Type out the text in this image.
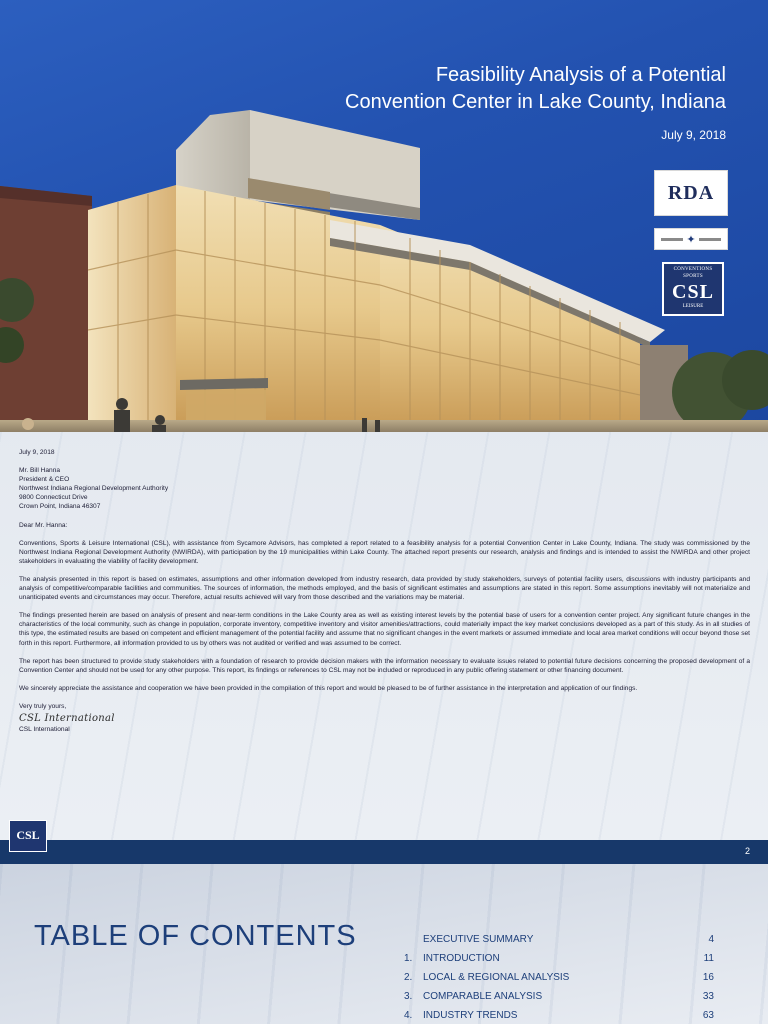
Feasibility Analysis of a Potential
Convention Center in Lake County, Indiana
July 9, 2018
RDA
✦
CONVENTIONS SPORTS
CSL
LEISURE

July 9, 2018

Mr. Bill Hanna
President & CEO
Northwest Indiana Regional Development Authority
9800 Connecticut Drive
Crown Point, Indiana 46307

Dear Mr. Hanna:

Conventions, Sports & Leisure International (CSL), with assistance from Sycamore Advisors, has completed a report related to a feasibility analysis for a potential Convention Center in Lake County, Indiana. The study was commissioned by the Northwest Indiana Regional Development Authority (NWIRDA), with participation by the 19 municipalities within Lake County. The attached report presents our research, analysis and findings and is intended to assist the NWIRDA and other project stakeholders in evaluating the viability of facility development.

The analysis presented in this report is based on estimates, assumptions and other information developed from industry research, data provided by study stakeholders, surveys of potential facility users, discussions with industry participants and analysis of competitive/comparable facilities and communities. The sources of information, the methods employed, and the basis of significant estimates and assumptions are stated in this report. Some assumptions inevitably will not materialize and unanticipated events and circumstances may occur. Therefore, actual results achieved will vary from those described and the variations may be material.

The findings presented herein are based on analysis of present and near-term conditions in the Lake County area as well as existing interest levels by the potential base of users for a convention center project. Any significant future changes in the characteristics of the local community, such as change in population, corporate inventory, competitive inventory and visitor amenities/attractions, could materially impact the key market conclusions developed as a part of this study. As in all studies of this type, the estimated results are based on competent and efficient management of the potential facility and assume that no significant changes in the event markets or assumed immediate and local area market conditions will occur beyond those set forth in this report. Furthermore, all information provided to us by others was not audited or verified and was assumed to be correct.

The report has been structured to provide study stakeholders with a foundation of research to provide decision makers with the information necessary to evaluate issues related to potential future decisions concerning the proposed development of a Convention Center and should not be used for any other purpose. This report, its findings or references to CSL may not be included or reproduced in any public offering statement or other financing document.

We sincerely appreciate the assistance and cooperation we have been provided in the compilation of this report and would be pleased to be of further assistance in the interpretation and application of our findings.

Very truly yours,

CSL International
CSL International
CSL
2
TABLE OF CONTENTS	EXECUTIVE SUMMARY	4
1.	INTRODUCTION	11
2.	LOCAL & REGIONAL ANALYSIS	16
3.	COMPARABLE ANALYSIS	33
4.	INDUSTRY TRENDS	63
